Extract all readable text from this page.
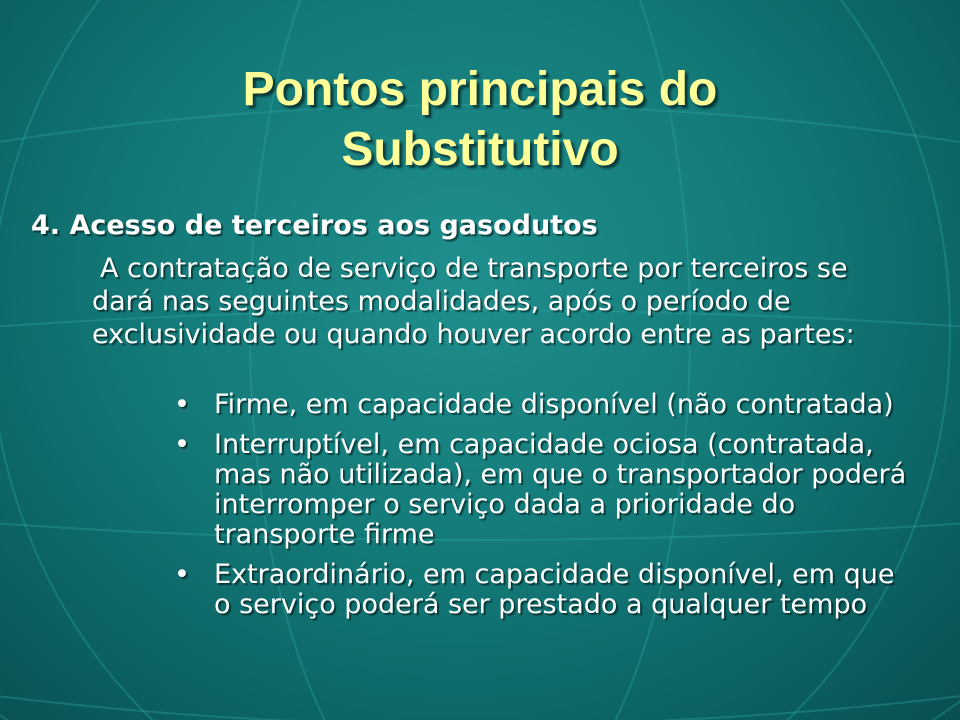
Pontos principais do
Substitutivo
4. Acesso de terceiros aos gasodutos
A contratação de serviço de transporte por terceiros se dará nas seguintes modalidades, após o período de exclusividade ou quando houver acordo entre as partes:
• Firme, em capacidade disponível (não contratada)
• Interruptível, em capacidade ociosa (contratada, mas não utilizada), em que o transportador poderá interromper o serviço dada a prioridade do transporte firme
• Extraordinário, em capacidade disponível, em que o serviço poderá ser prestado a qualquer tempo
